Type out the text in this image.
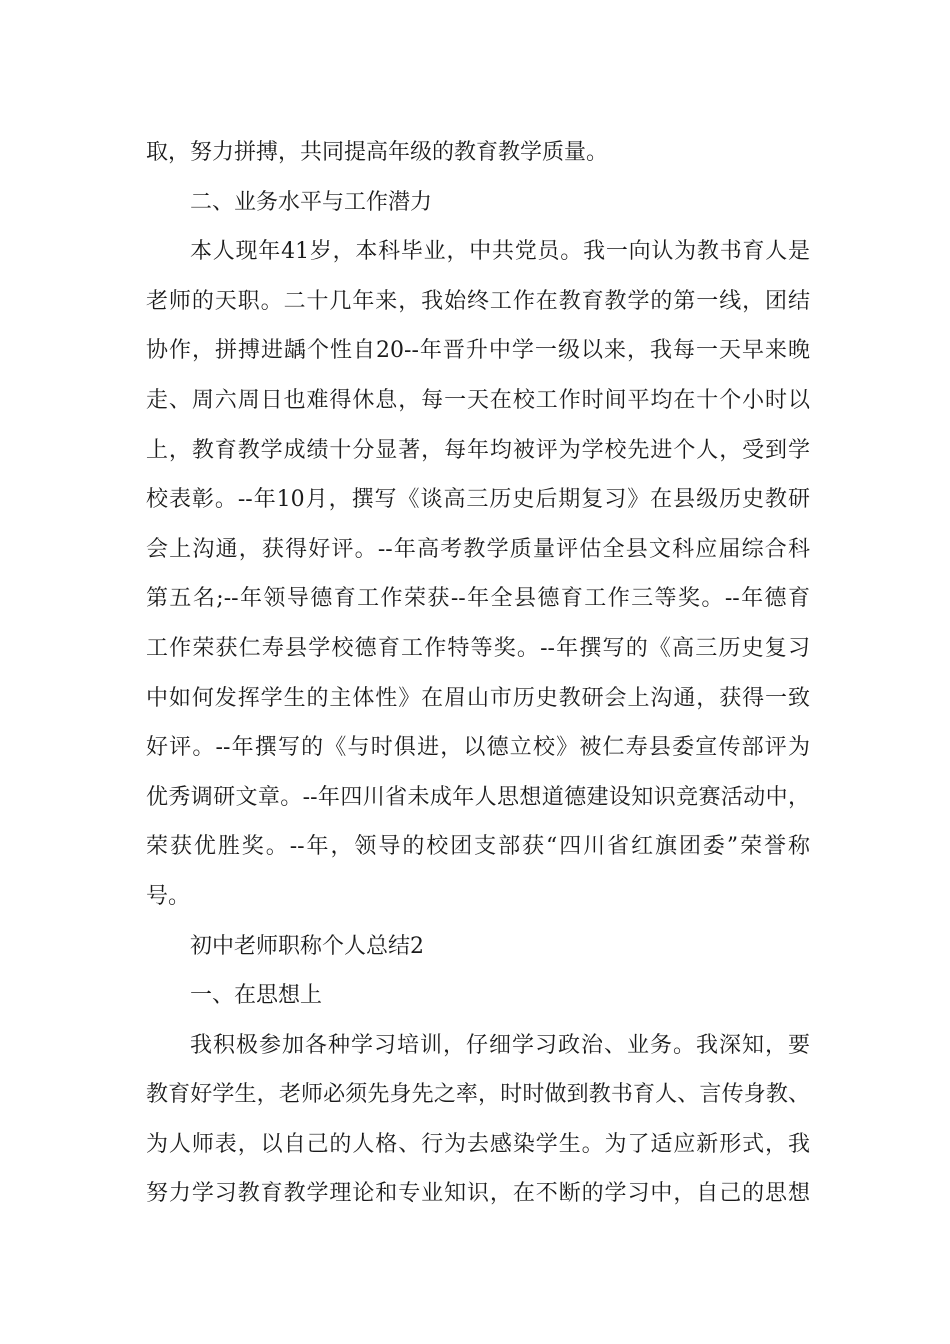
取，努力拼搏，共同提高年级的教育教学质量。
二、业务水平与工作潜力
本人现年41岁，本科毕业，中共党员。我一向认为教书育人是
老师的天职。二十几年来，我始终工作在教育教学的第一线，团结
协作，拼搏进龋个性自20--年晋升中学一级以来，我每一天早来晚
走、周六周日也难得休息，每一天在校工作时间平均在十个小时以
上，教育教学成绩十分显著，每年均被评为学校先进个人，受到学
校表彰。--年10月，撰写《谈高三历史后期复习》在县级历史教研
会上沟通，获得好评。--年高考教学质量评估全县文科应届综合科
第五名;--年领导德育工作荣获--年全县德育工作三等奖。--年德育
工作荣获仁寿县学校德育工作特等奖。--年撰写的《高三历史复习
中如何发挥学生的主体性》在眉山市历史教研会上沟通，获得一致
好评。--年撰写的《与时俱进，以德立校》被仁寿县委宣传部评为
优秀调研文章。--年四川省未成年人思想道德建设知识竞赛活动中，
荣获优胜奖。--年，领导的校团支部获“四川省红旗团委”荣誉称
号。
初中老师职称个人总结2
一、在思想上
我积极参加各种学习培训，仔细学习政治、业务。我深知，要
教育好学生，老师必须先身先之率，时时做到教书育人、言传身教、
为人师表，以自己的人格、行为去感染学生。为了适应新形式，我
努力学习教育教学理论和专业知识，在不断的学习中，自己的思想
